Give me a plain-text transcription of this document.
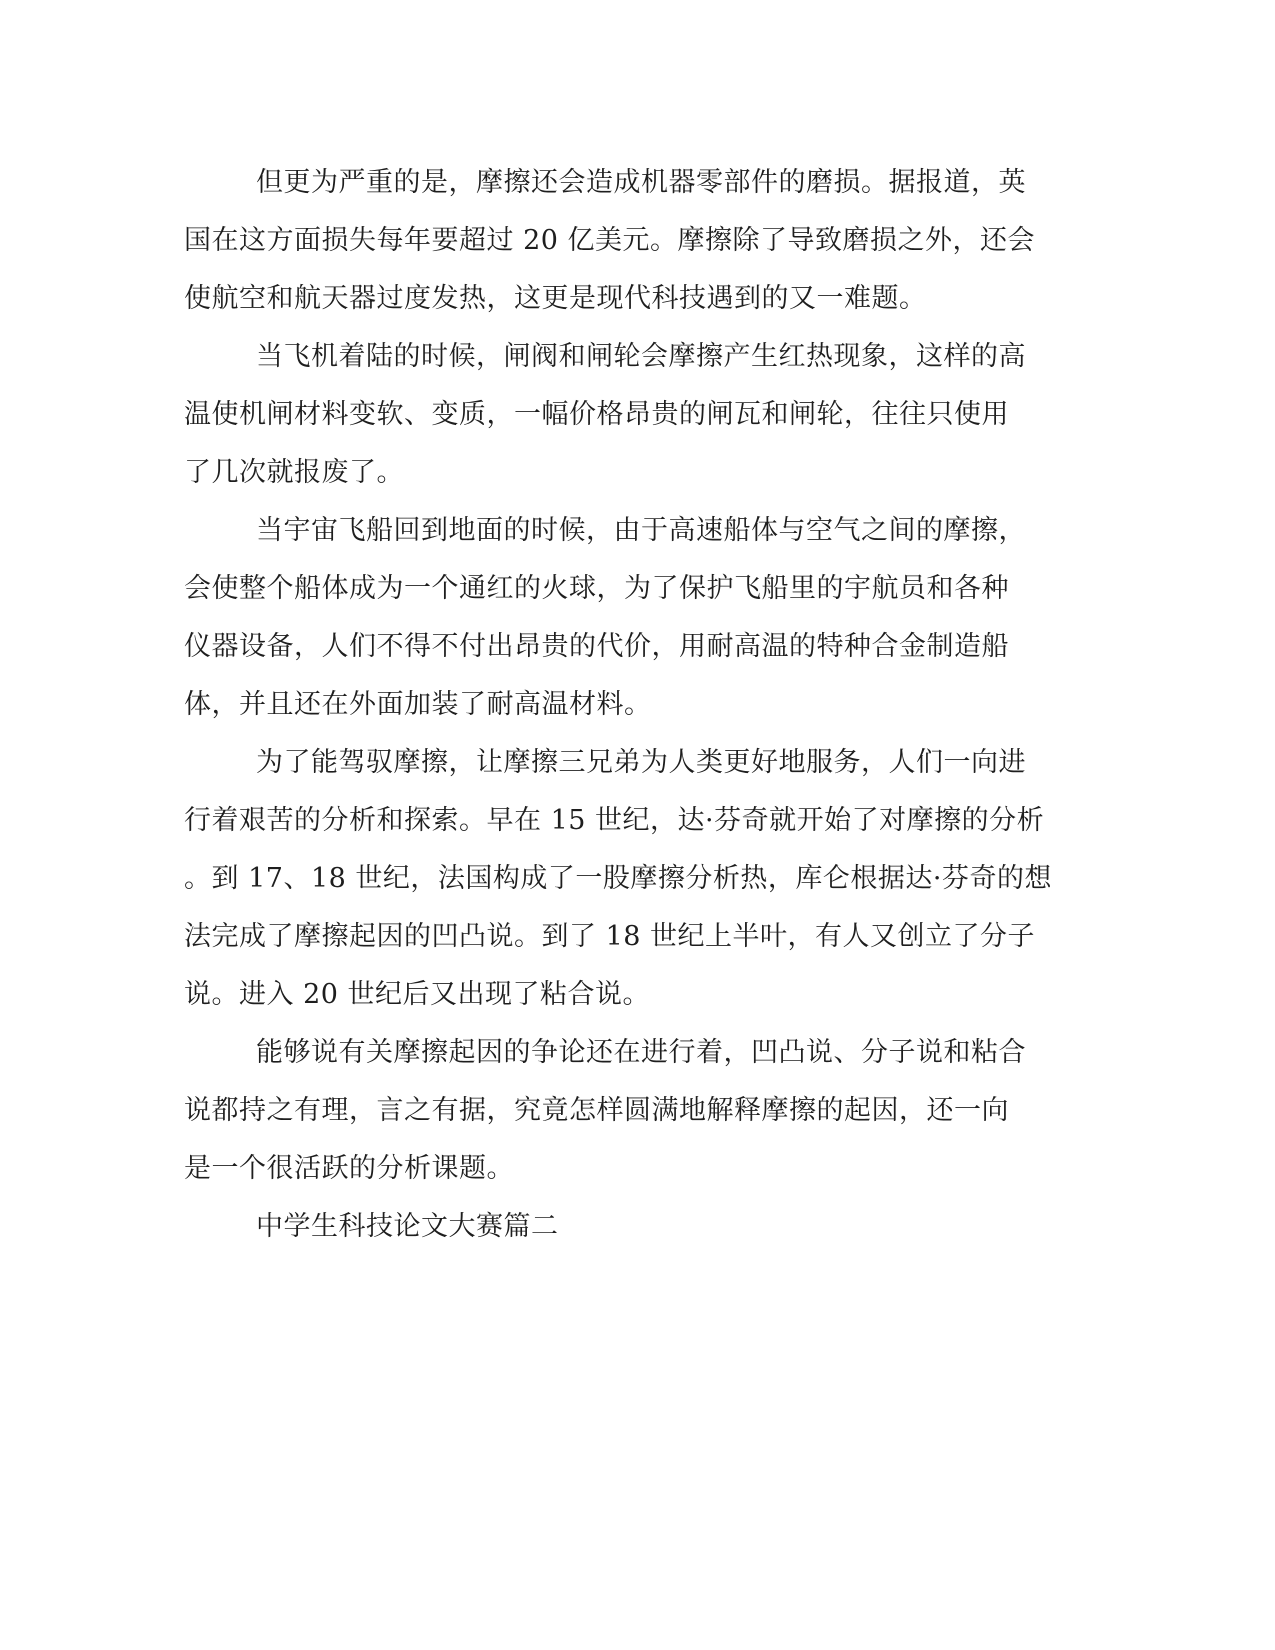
但更为严重的是，摩擦还会造成机器零部件的磨损。据报道，英
国在这方面损失每年要超过 20 亿美元。摩擦除了导致磨损之外，还会
使航空和航天器过度发热，这更是现代科技遇到的又一难题。
当飞机着陆的时候，闸阀和闸轮会摩擦产生红热现象，这样的高
温使机闸材料变软、变质，一幅价格昂贵的闸瓦和闸轮，往往只使用
了几次就报废了。
当宇宙飞船回到地面的时候，由于高速船体与空气之间的摩擦，
会使整个船体成为一个通红的火球，为了保护飞船里的宇航员和各种
仪器设备，人们不得不付出昂贵的代价，用耐高温的特种合金制造船
体，并且还在外面加装了耐高温材料。
为了能驾驭摩擦，让摩擦三兄弟为人类更好地服务，人们一向进
行着艰苦的分析和探索。早在 15 世纪，达·芬奇就开始了对摩擦的分析
。到 17、18 世纪，法国构成了一股摩擦分析热，库仑根据达·芬奇的想
法完成了摩擦起因的凹凸说。到了 18 世纪上半叶，有人又创立了分子
说。进入 20 世纪后又出现了粘合说。
能够说有关摩擦起因的争论还在进行着，凹凸说、分子说和粘合
说都持之有理，言之有据，究竟怎样圆满地解释摩擦的起因，还一向
是一个很活跃的分析课题。
中学生科技论文大赛篇二
